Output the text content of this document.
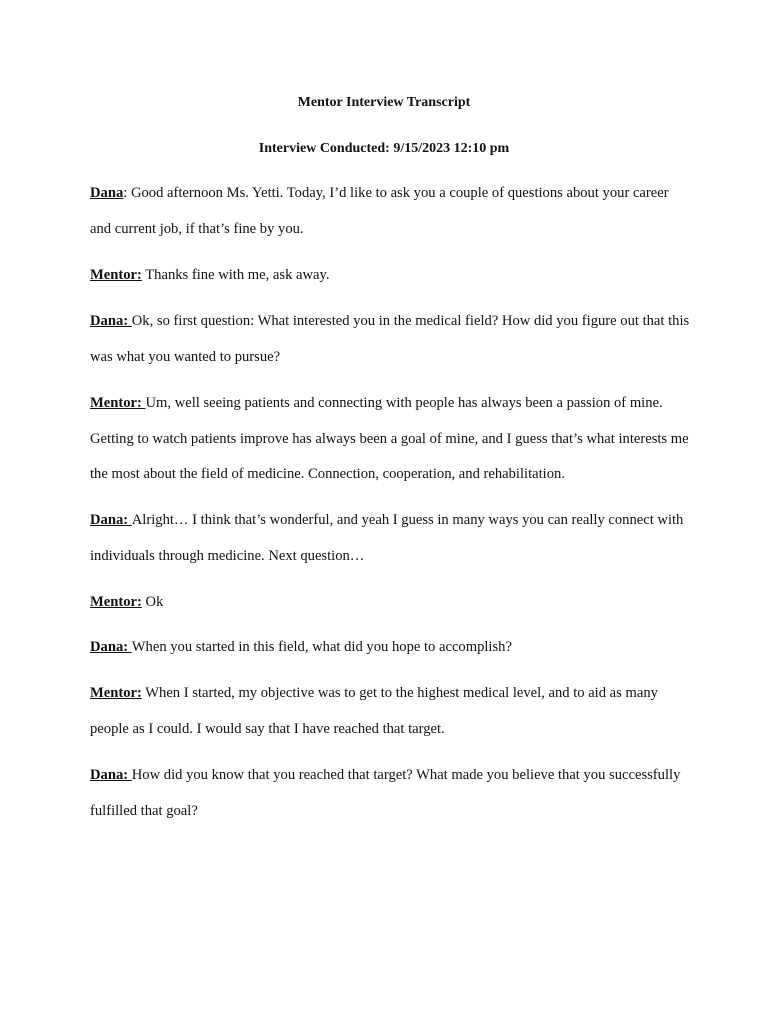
Mentor Interview Transcript
Interview Conducted: 9/15/2023 12:10 pm

Dana: Good afternoon Ms. Yetti. Today, I’d like to ask you a couple of questions about your career and current job, if that’s fine by you.

Mentor: Thanks fine with me, ask away.

Dana: Ok, so first question: What interested you in the medical field? How did you figure out that this was what you wanted to pursue?

Mentor: Um, well seeing patients and connecting with people has always been a passion of mine. Getting to watch patients improve has always been a goal of mine, and I guess that’s what interests me the most about the field of medicine. Connection, cooperation, and rehabilitation.

Dana: Alright… I think that’s wonderful, and yeah I guess in many ways you can really connect with individuals through medicine. Next question…

Mentor: Ok

Dana: When you started in this field, what did you hope to accomplish?

Mentor: When I started, my objective was to get to the highest medical level, and to aid as many people as I could. I would say that I have reached that target.

Dana: How did you know that you reached that target? What made you believe that you successfully fulfilled that goal?
